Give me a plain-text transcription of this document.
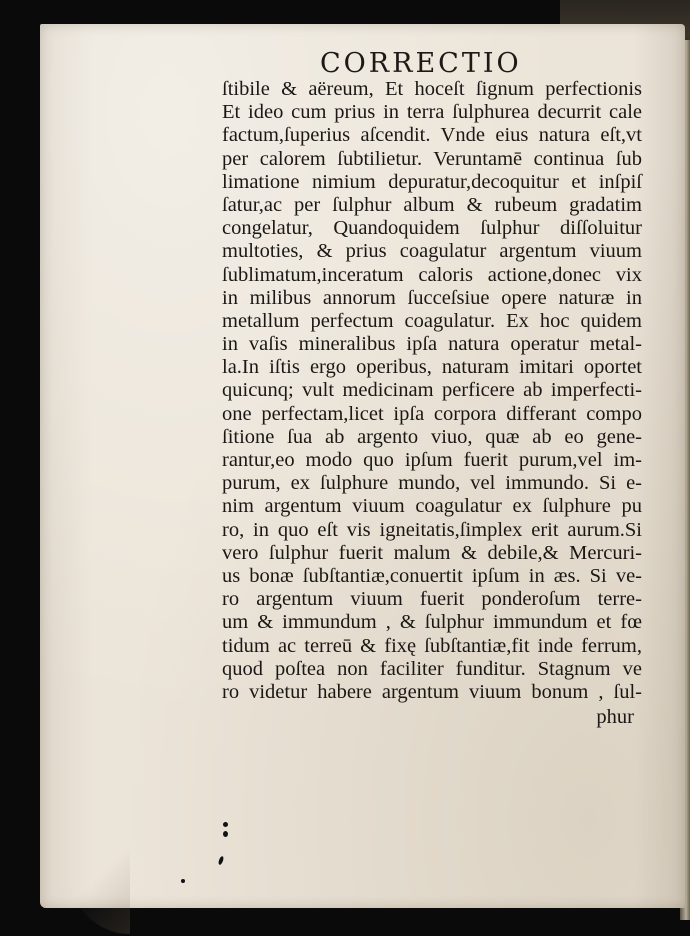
CORRECTIO
ſtibile & aëreum, Et hoceſt ſignum perfectionis
Et ideo cum prius in terra ſulphurea decurrit cale
factum,ſuperius aſcendit. Vnde eius natura eſt,vt
per calorem ſubtilietur. Veruntamē continua ſub
limatione nimium depuratur,decoquitur et inſpiſ
ſatur,ac per ſulphur album & rubeum gradatim
congelatur, Quandoquidem ſulphur diſſoluitur
multoties, & prius coagulatur argentum viuum
ſublimatum,inceratum caloris actione,donec vix
in milibus annorum ſucceſsiue opere naturæ in
metallum perfectum coagulatur. Ex hoc quidem
in vaſis mineralibus ipſa natura operatur metal-
la.In iſtis ergo operibus, naturam imitari oportet
quicunq; vult medicinam perficere ab imperfecti-
one perfectam,licet ipſa corpora differant compo
ſitione ſua ab argento viuo, quæ ab eo gene-
rantur,eo modo quo ipſum fuerit purum,vel im-
purum, ex ſulphure mundo, vel immundo. Si e-
nim argentum viuum coagulatur ex ſulphure pu
ro, in quo eſt vis igneitatis,ſimplex erit aurum.Si
vero ſulphur fuerit malum & debile,& Mercuri-
us bonæ ſubſtantiæ,conuertit ipſum in æs. Si ve-
ro argentum viuum fuerit ponderoſum terre-
um & immundum , & ſulphur immundum et fœ
tidum ac terreū & fixę ſubſtantiæ,fit inde ferrum,
quod poſtea non faciliter funditur. Stagnum ve
ro videtur habere argentum viuum bonum , ſul-
phur
